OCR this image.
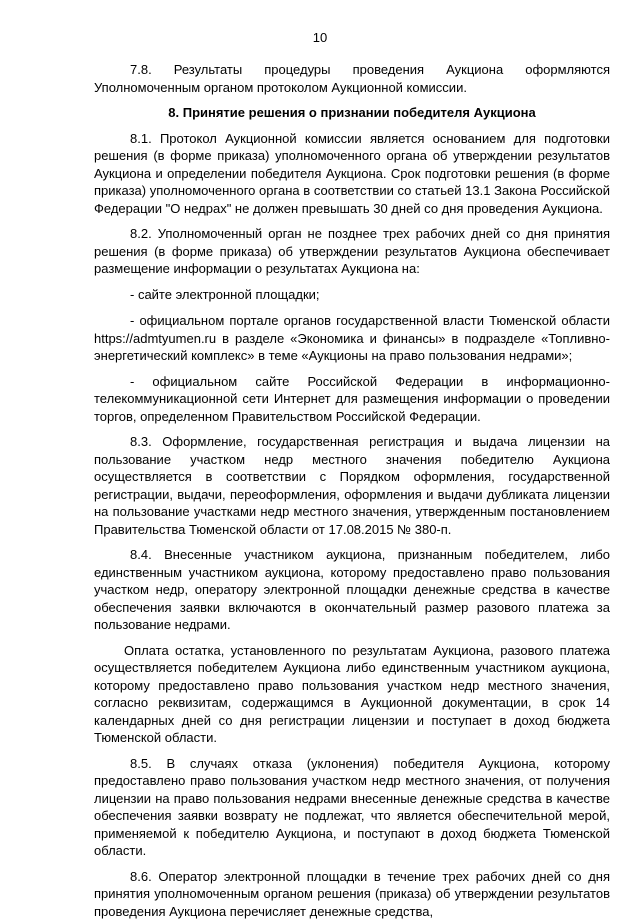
10

7.8. Результаты процедуры проведения Аукциона оформляются Уполномоченным органом протоколом Аукционной комиссии.

8. Принятие решения о признании победителя Аукциона

8.1. Протокол Аукционной комиссии является основанием для подготовки решения (в форме приказа) уполномоченного органа об утверждении результатов Аукциона и определении победителя Аукциона. Срок подготовки решения (в форме приказа) уполномоченного органа в соответствии со статьей 13.1 Закона Российской Федерации "О недрах" не должен превышать 30 дней со дня проведения Аукциона.

8.2. Уполномоченный орган не позднее трех рабочих дней со дня принятия решения (в форме приказа) об утверждении результатов Аукциона обеспечивает размещение информации о результатах Аукциона на:

- сайте электронной площадки;

- официальном портале органов государственной власти Тюменской области https://admtyumen.ru в разделе «Экономика и финансы» в подразделе «Топливно-энергетический комплекс» в теме «Аукционы на право пользования недрами»;

- официальном сайте Российской Федерации в информационно-телекоммуникационной сети Интернет для размещения информации о проведении торгов, определенном Правительством Российской Федерации.

8.3. Оформление, государственная регистрация и выдача лицензии на пользование участком недр местного значения победителю Аукциона осуществляется в соответствии с Порядком оформления, государственной регистрации, выдачи, переоформления, оформления и выдачи дубликата лицензии на пользование участками недр местного значения, утвержденным постановлением Правительства Тюменской области от 17.08.2015 № 380-п.

8.4. Внесенные участником аукциона, признанным победителем, либо единственным участником аукциона, которому предоставлено право пользования участком недр, оператору электронной площадки денежные средства в качестве обеспечения заявки включаются в окончательный размер разового платежа за пользование недрами.

Оплата остатка, установленного по результатам Аукциона, разового платежа осуществляется победителем Аукциона либо единственным участником аукциона, которому предоставлено право пользования участком недр местного значения, согласно реквизитам, содержащимся в Аукционной документации, в срок 14 календарных дней со дня регистрации лицензии и поступает в доход бюджета Тюменской области.

8.5. В случаях отказа (уклонения) победителя Аукциона, которому предоставлено право пользования участком недр местного значения, от получения лицензии на право пользования недрами внесенные денежные средства в качестве обеспечения заявки возврату не подлежат, что является обеспечительной мерой, применяемой к победителю Аукциона, и поступают в доход бюджета Тюменской области.

8.6. Оператор электронной площадки в течение трех рабочих дней со дня принятия уполномоченным органом решения (приказа) об утверждении результатов проведения Аукциона перечисляет денежные средства,
